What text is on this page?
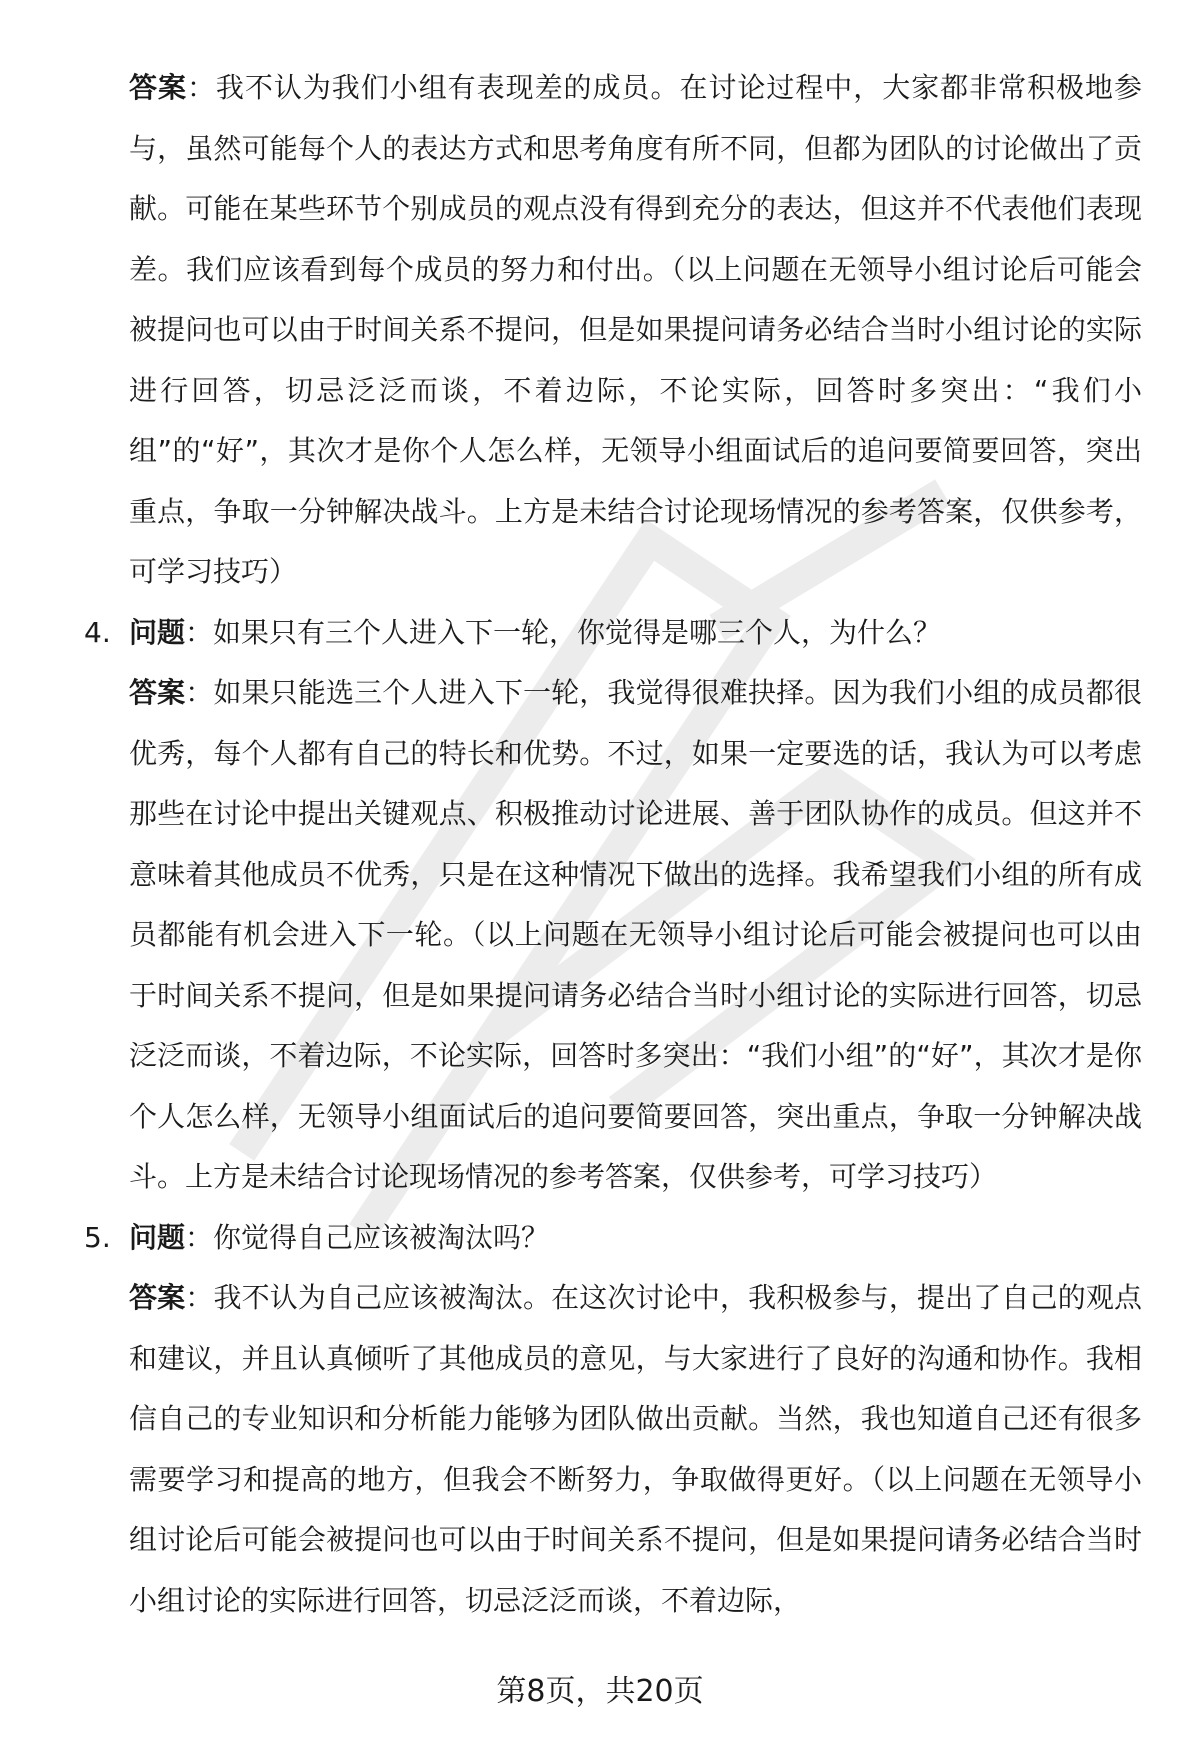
答案：我不认为我们小组有表现差的成员。在讨论过程中，大家都非常积极地参与，虽然可能每个人的表达方式和思考角度有所不同，但都为团队的讨论做出了贡献。可能在某些环节个别成员的观点没有得到充分的表达，但这并不代表他们表现差。我们应该看到每个成员的努力和付出。（以上问题在无领导小组讨论后可能会被提问也可以由于时间关系不提问，但是如果提问请务必结合当时小组讨论的实际进行回答，切忌泛泛而谈，不着边际，不论实际，回答时多突出：“我们小组”的“好”，其次才是你个人怎么样，无领导小组面试后的追问要简要回答，突出重点，争取一分钟解决战斗。上方是未结合讨论现场情况的参考答案，仅供参考，可学习技巧）
4. 问题：如果只有三个人进入下一轮，你觉得是哪三个人，为什么？
答案：如果只能选三个人进入下一轮，我觉得很难抉择。因为我们小组的成员都很优秀，每个人都有自己的特长和优势。不过，如果一定要选的话，我认为可以考虑那些在讨论中提出关键观点、积极推动讨论进展、善于团队协作的成员。但这并不意味着其他成员不优秀，只是在这种情况下做出的选择。我希望我们小组的所有成员都能有机会进入下一轮。（以上问题在无领导小组讨论后可能会被提问也可以由于时间关系不提问，但是如果提问请务必结合当时小组讨论的实际进行回答，切忌泛泛而谈，不着边际，不论实际，回答时多突出：“我们小组”的“好”，其次才是你个人怎么样，无领导小组面试后的追问要简要回答，突出重点，争取一分钟解决战斗。上方是未结合讨论现场情况的参考答案，仅供参考，可学习技巧）
5. 问题：你觉得自己应该被淘汰吗？
答案：我不认为自己应该被淘汰。在这次讨论中，我积极参与，提出了自己的观点和建议，并且认真倾听了其他成员的意见，与大家进行了良好的沟通和协作。我相信自己的专业知识和分析能力能够为团队做出贡献。当然，我也知道自己还有很多需要学习和提高的地方，但我会不断努力，争取做得更好。（以上问题在无领导小组讨论后可能会被提问也可以由于时间关系不提问，但是如果提问请务必结合当时小组讨论的实际进行回答，切忌泛泛而谈，不着边际，
第8页，共20页
